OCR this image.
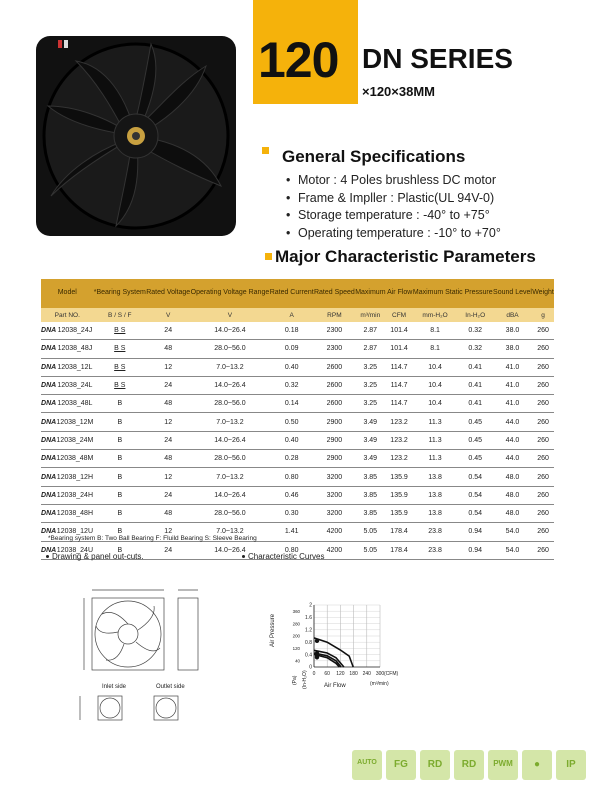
120 DN SERIES
×120×38MM
General Specifications
• Motor : 4 Poles brushless DC motor
• Frame & Impller : Plastic(UL 94V-0)
• Storage temperature : -40° to +75°
• Operating temperature : -10° to +70°
Major Characteristic Parameters
Model		*Bearing System	Rated Voltage	Operating Voltage Range	Rated Current	Rated Speed	Maximum Air Flow		Maximum Static Pressure		Sound Level	Weight
Part NO.		B / S / F	V	V	A	RPM	m³/min	CFM	mm-H₂O	In-H₂O	dBA	g
DNA	12038_24J	B S	24	14.0~26.4	0.18	2300	2.87	101.4	8.1	0.32	38.0	260
DNA	12038_48J	B S	48	28.0~56.0	0.09	2300	2.87	101.4	8.1	0.32	38.0	260
DNA	12038_12L	B S	12	7.0~13.2	0.40	2600	3.25	114.7	10.4	0.41	41.0	260
DNA	12038_24L	B S	24	14.0~26.4	0.32	2600	3.25	114.7	10.4	0.41	41.0	260
DNA	12038_48L	B	48	28.0~56.0	0.14	2600	3.25	114.7	10.4	0.41	41.0	260
DNA	12038_12M	B	12	7.0~13.2	0.50	2900	3.49	123.2	11.3	0.45	44.0	260
DNA	12038_24M	B	24	14.0~26.4	0.40	2900	3.49	123.2	11.3	0.45	44.0	260
DNA	12038_48M	B	48	28.0~56.0	0.28	2900	3.49	123.2	11.3	0.45	44.0	260
DNA	12038_12H	B	12	7.0~13.2	0.80	3200	3.85	135.9	13.8	0.54	48.0	260
DNA	12038_24H	B	24	14.0~26.4	0.46	3200	3.85	135.9	13.8	0.54	48.0	260
DNA	12038_48H	B	48	28.0~56.0	0.30	3200	3.85	135.9	13.8	0.54	48.0	260
DNA	12038_12U	B	12	7.0~13.2	1.41	4200	5.05	178.4	23.8	0.94	54.0	260
DNA	12038_24U	B	24	14.0~26.4	0.80	4200	5.05	178.4	23.8	0.94	54.0	260
*Bearing system B: Two Ball Bearing F: Fluild Bearing S: Sleeve Bearing
Drawing & panel out-cuts.	Characteristic Curves
Inlet side	Outlet side
0
0.4
0.8
1.2
1.6
2
40
120
200
280
360
0 60 120 180 240 300 (CFM)
(m³/min)
Air Flow
Air Pressure
(Pa) (In-H₂O)
AUTO	FG	RD	RD	PWM	●	IP
